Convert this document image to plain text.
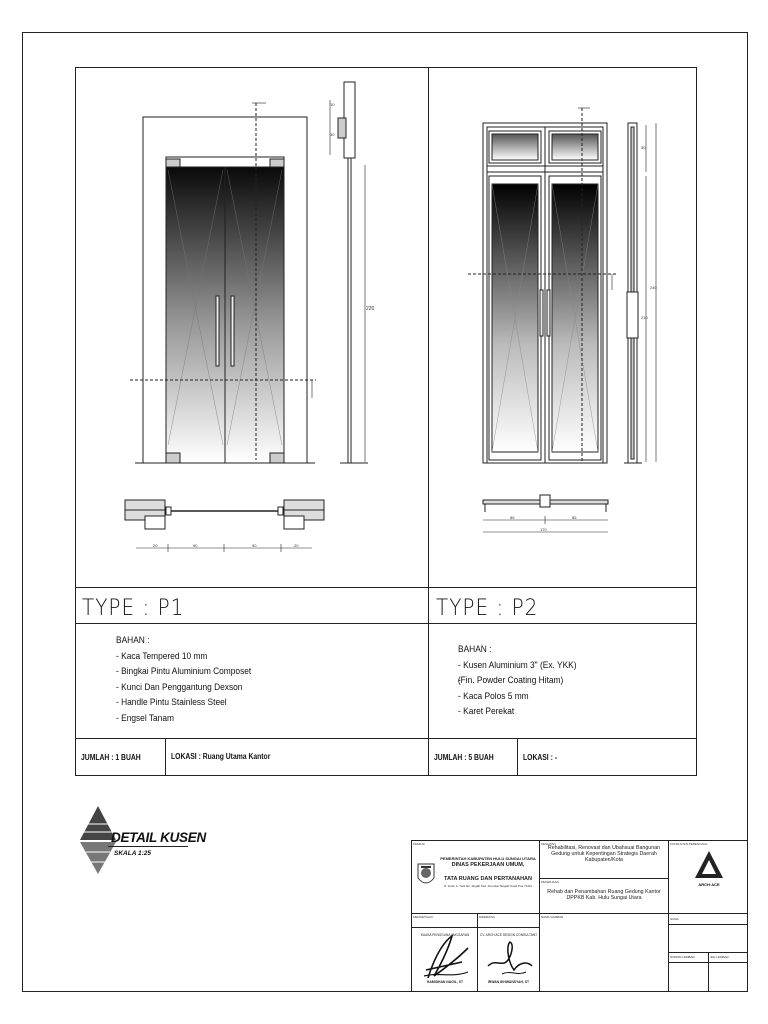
220
10
30
20	90	90	20
30
210
240
85	85
170
TYPE : P1	TYPE : P2
BAHAN :
- Kaca Tempered 10 mm
- Bingkai Pintu Aluminium Composet
- Kunci Dan Penggantung Dexson
- Handle Pintu Stainless Steel
- Engsel Tanam
BAHAN :
- Kusen Aluminium 3" (Ex. YKK)
- (Fin. Powder Coating Hitam)
- Kaca Polos 5 mm
- Karet Perekat
JUMLAH : 1 BUAH	LOKASI : Ruang Utama Kantor	JUMLAH : 5 BUAH	LOKASI : -
DETAIL KUSEN
SKALA 1:25
PEMILIK
PEMERINTAH KABUPATEN HULU SUNGAI UTARA
DINAS PEKERJAAN UMUM,
TATA RUANG DAN PERTANAHAN
Jl. Jend. A. Yani Ds. Jingah Kec. Amuntai Tengah Kode Pos 71411
KEGIATAN
Rehabilitasi, Renovasi dan Ubahsuai Bangunan Gedung untuk Kepentingan Strategis Daerah Kabupaten/Kota
PEKERJAAN
Rehab dan Penambahan Ruang Gedung Kantor DPPKB Kab. Hulu Sungai Utara
KONSULTAN PERENCANA
ARCH·ACE
MENGETAHUI	DIPERIKSA	NAMA GAMBAR	NAMA
NOMOR LEMBAR	JML LEMBAR
KUASA PENGGUNA ANGGARAN
HAMIDHAN NAGIL, ST
CV. ARCH ACE DESIGN CONSULTANT
IRWAN IKHWANSYAH, ST
